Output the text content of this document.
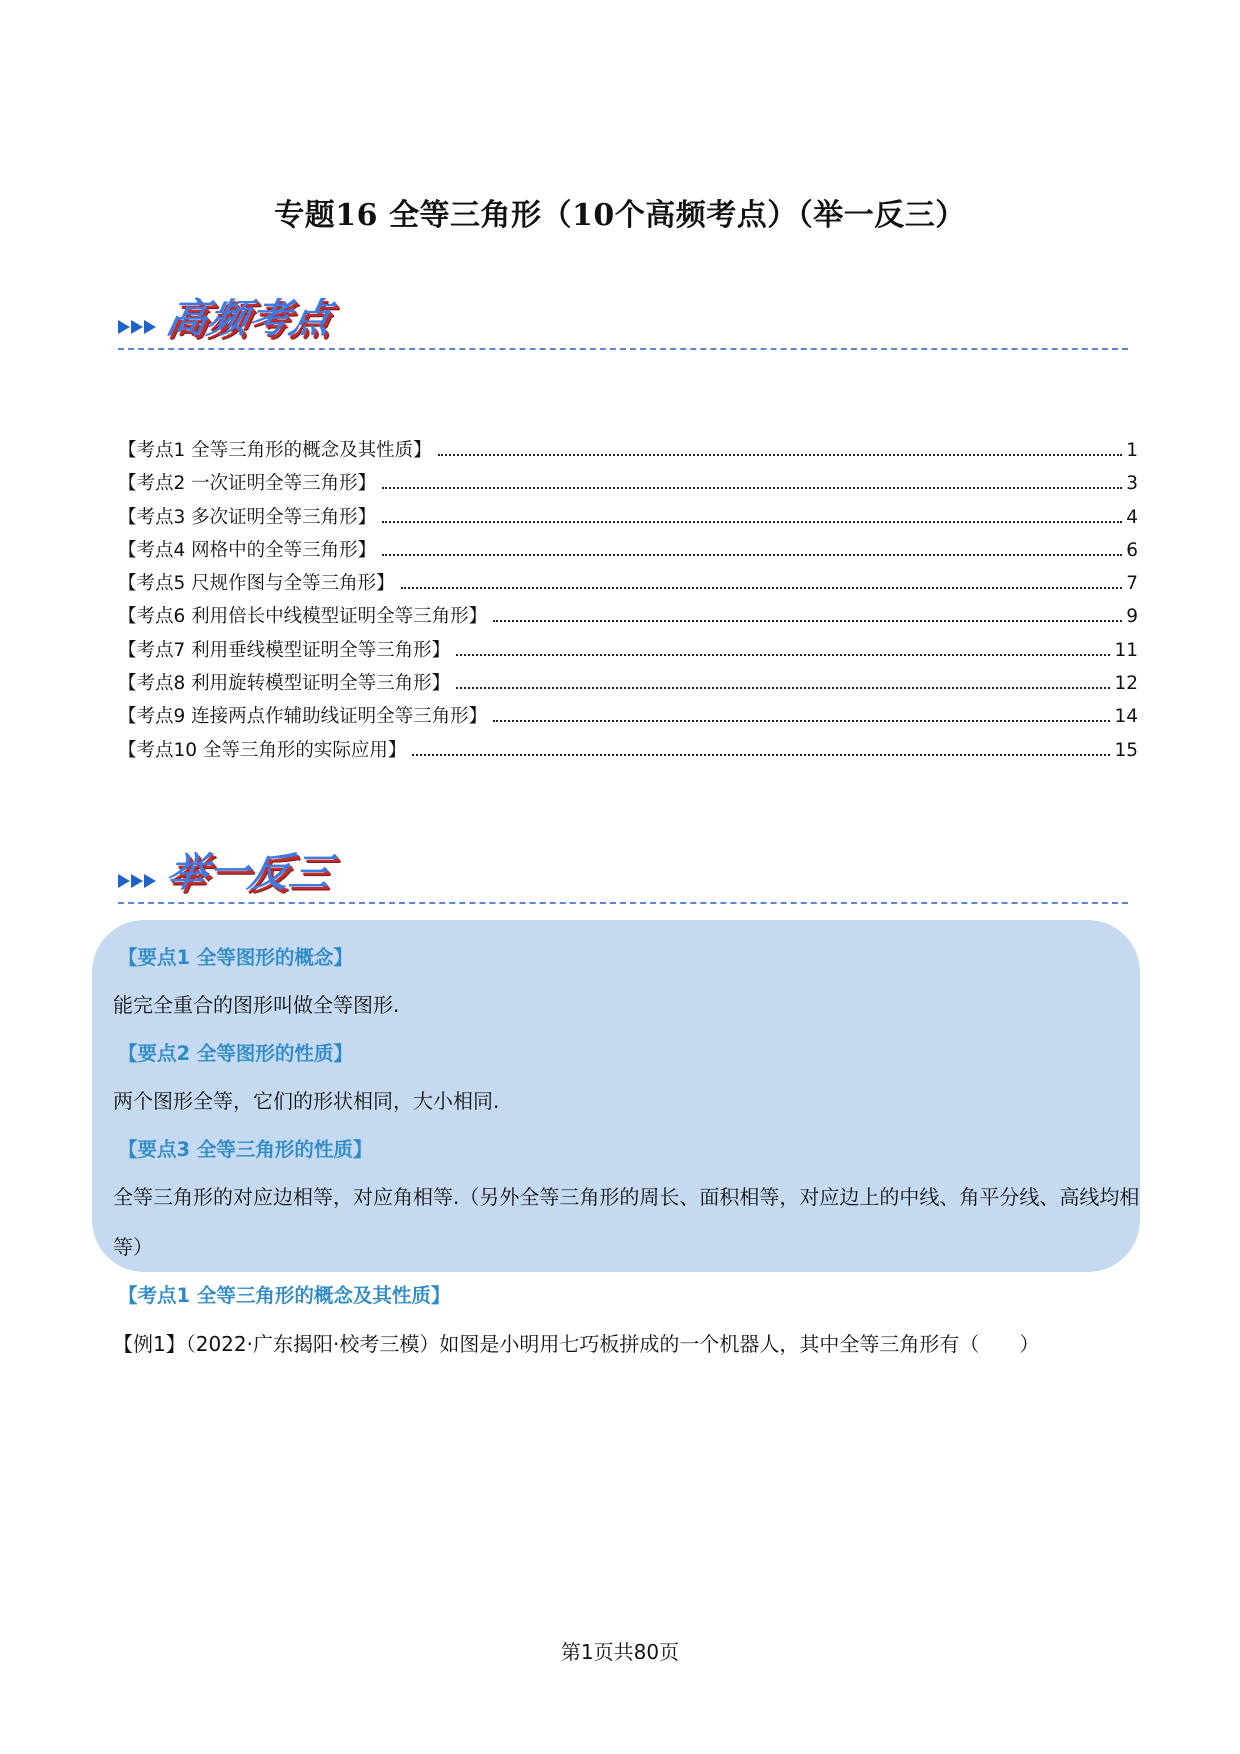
专题16 全等三角形（10个高频考点）（举一反三）
高频考点
【考点1 全等三角形的概念及其性质】	1
【考点2 一次证明全等三角形】	3
【考点3 多次证明全等三角形】	4
【考点4 网格中的全等三角形】	6
【考点5 尺规作图与全等三角形】	7
【考点6 利用倍长中线模型证明全等三角形】	9
【考点7 利用垂线模型证明全等三角形】	11
【考点8 利用旋转模型证明全等三角形】	12
【考点9 连接两点作辅助线证明全等三角形】	14
【考点10 全等三角形的实际应用】	15
举一反三
【要点1 全等图形的概念】
能完全重合的图形叫做全等图形.
【要点2 全等图形的性质】
两个图形全等，它们的形状相同，大小相同.
【要点3 全等三角形的性质】
全等三角形的对应边相等，对应角相等.（另外全等三角形的周长、面积相等，对应边上的中线、角平分线、高线均相等）
【考点1 全等三角形的概念及其性质】
【例1】（2022·广东揭阳·校考三模）如图是小明用七巧板拼成的一个机器人，其中全等三角形有（　　）
第1页共80页
